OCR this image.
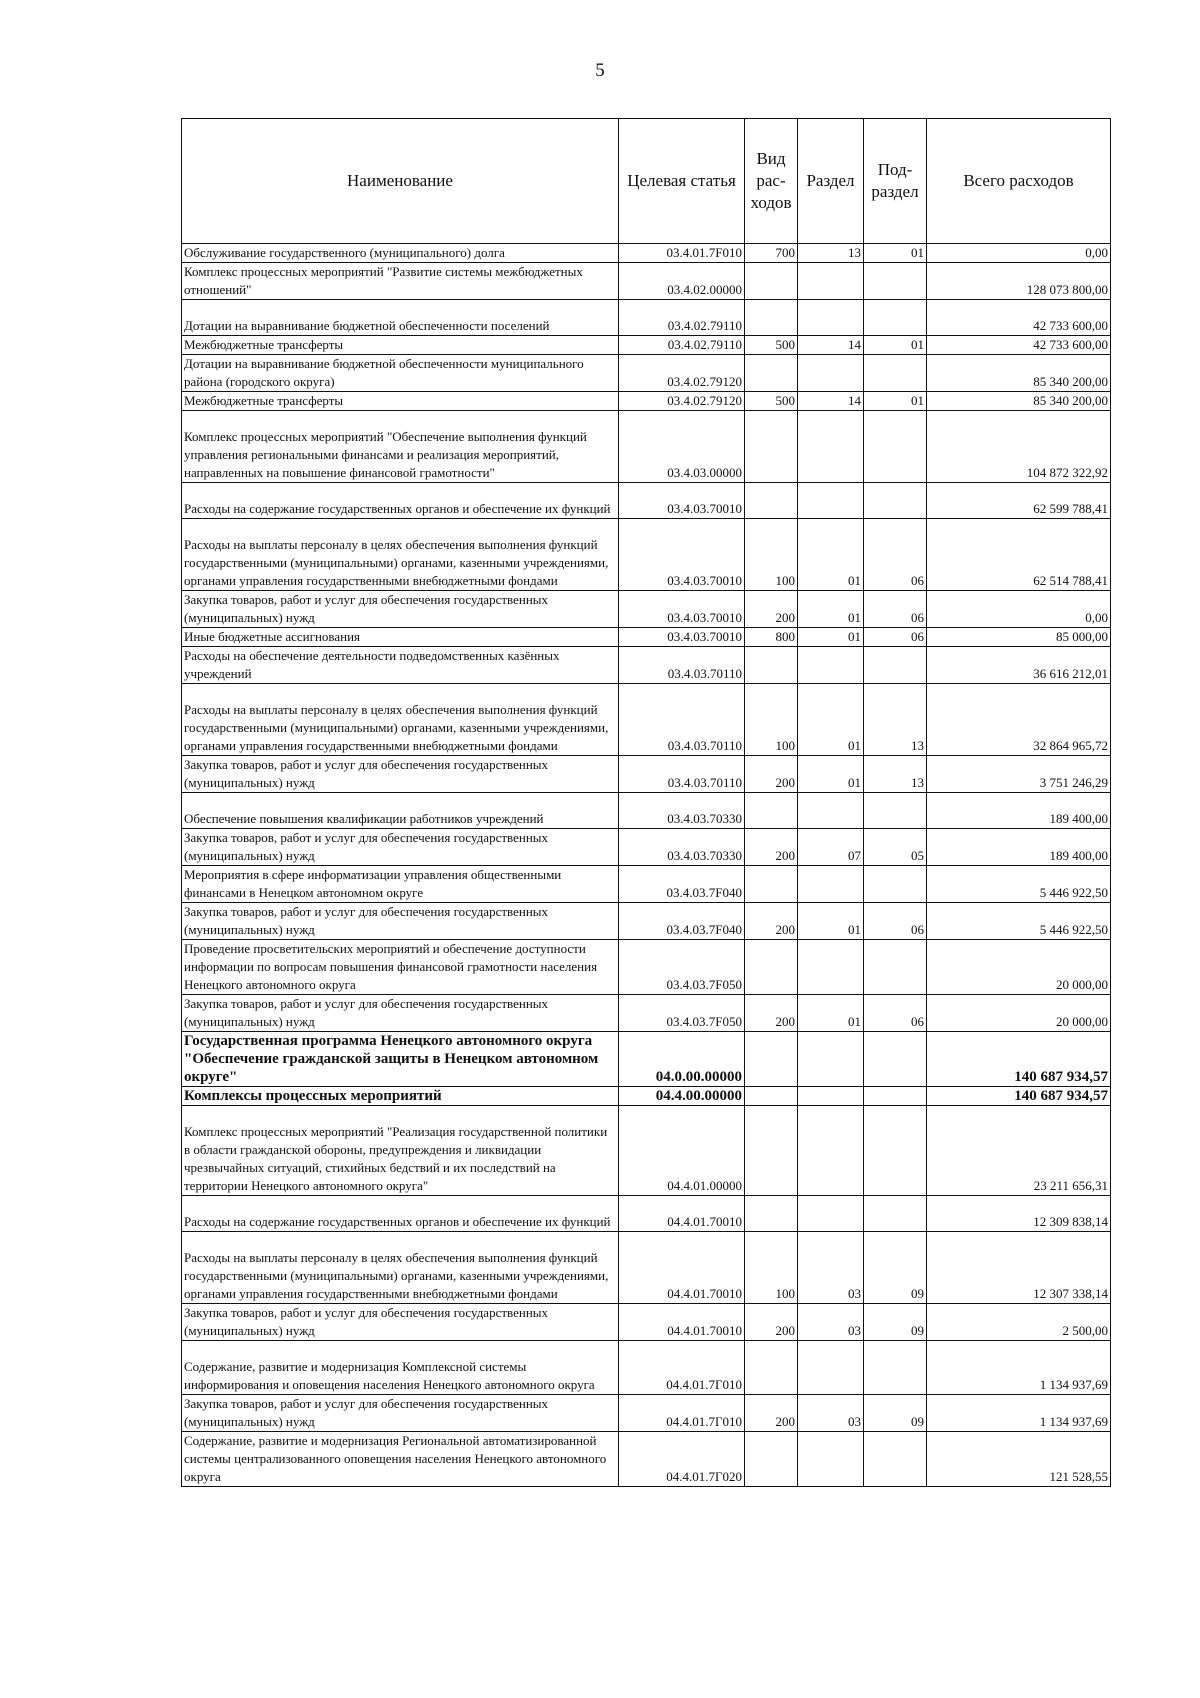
5
Наименование	Целевая статья	Вид рас-ходов	Раздел	Под-раздел	Всего расходов
Обслуживание государственного (муниципального) долга	03.4.01.7F010	700	13	01	0,00
Комплекс процессных мероприятий "Развитие системы межбюджетных отношений"	03.4.02.00000				128 073 800,00
Дотации на выравнивание бюджетной обеспеченности поселений	03.4.02.79110				42 733 600,00
Межбюджетные трансферты	03.4.02.79110	500	14	01	42 733 600,00
Дотации на выравнивание бюджетной обеспеченности муниципального района (городского округа)	03.4.02.79120				85 340 200,00
Межбюджетные трансферты	03.4.02.79120	500	14	01	85 340 200,00
Комплекс процессных мероприятий "Обеспечение выполнения функций управления региональными финансами и реализация мероприятий, направленных на повышение финансовой грамотности"	03.4.03.00000				104 872 322,92
Расходы на содержание государственных органов и обеспечение их функций	03.4.03.70010				62 599 788,41
Расходы на выплаты персоналу в целях обеспечения выполнения функций государственными (муниципальными) органами, казенными учреждениями, органами управления государственными внебюджетными фондами	03.4.03.70010	100	01	06	62 514 788,41
Закупка товаров, работ и услуг для обеспечения государственных (муниципальных) нужд	03.4.03.70010	200	01	06	0,00
Иные бюджетные ассигнования	03.4.03.70010	800	01	06	85 000,00
Расходы на обеспечение деятельности подведомственных казённых учреждений	03.4.03.70110				36 616 212,01
Расходы на выплаты персоналу в целях обеспечения выполнения функций государственными (муниципальными) органами, казенными учреждениями, органами управления государственными внебюджетными фондами	03.4.03.70110	100	01	13	32 864 965,72
Закупка товаров, работ и услуг для обеспечения государственных (муниципальных) нужд	03.4.03.70110	200	01	13	3 751 246,29
Обеспечение повышения квалификации работников учреждений	03.4.03.70330				189 400,00
Закупка товаров, работ и услуг для обеспечения государственных (муниципальных) нужд	03.4.03.70330	200	07	05	189 400,00
Мероприятия в сфере информатизации управления общественными финансами в Ненецком автономном округе	03.4.03.7F040				5 446 922,50
Закупка товаров, работ и услуг для обеспечения государственных (муниципальных) нужд	03.4.03.7F040	200	01	06	5 446 922,50
Проведение просветительских мероприятий и обеспечение доступности информации по вопросам повышения финансовой грамотности населения Ненецкого автономного округа	03.4.03.7F050				20 000,00
Закупка товаров, работ и услуг для обеспечения государственных (муниципальных) нужд	03.4.03.7F050	200	01	06	20 000,00
Государственная программа Ненецкого автономного округа "Обеспечение гражданской защиты в Ненецком автономном округе"	04.0.00.00000				140 687 934,57
Комплексы процессных мероприятий	04.4.00.00000				140 687 934,57
Комплекс процессных мероприятий "Реализация государственной политики в области гражданской обороны, предупреждения и ликвидации чрезвычайных ситуаций, стихийных бедствий и их последствий на территории Ненецкого автономного округа"	04.4.01.00000				23 211 656,31
Расходы на содержание государственных органов и обеспечение их функций	04.4.01.70010				12 309 838,14
Расходы на выплаты персоналу в целях обеспечения выполнения функций государственными (муниципальными) органами, казенными учреждениями, органами управления государственными внебюджетными фондами	04.4.01.70010	100	03	09	12 307 338,14
Закупка товаров, работ и услуг для обеспечения государственных (муниципальных) нужд	04.4.01.70010	200	03	09	2 500,00
Содержание, развитие и модернизация Комплексной системы информирования и оповещения населения Ненецкого автономного округа	04.4.01.7Г010				1 134 937,69
Закупка товаров, работ и услуг для обеспечения государственных (муниципальных) нужд	04.4.01.7Г010	200	03	09	1 134 937,69
Содержание, развитие и модернизация Региональной автоматизированной системы централизованного оповещения населения Ненецкого автономного округа	04.4.01.7Г020				121 528,55
